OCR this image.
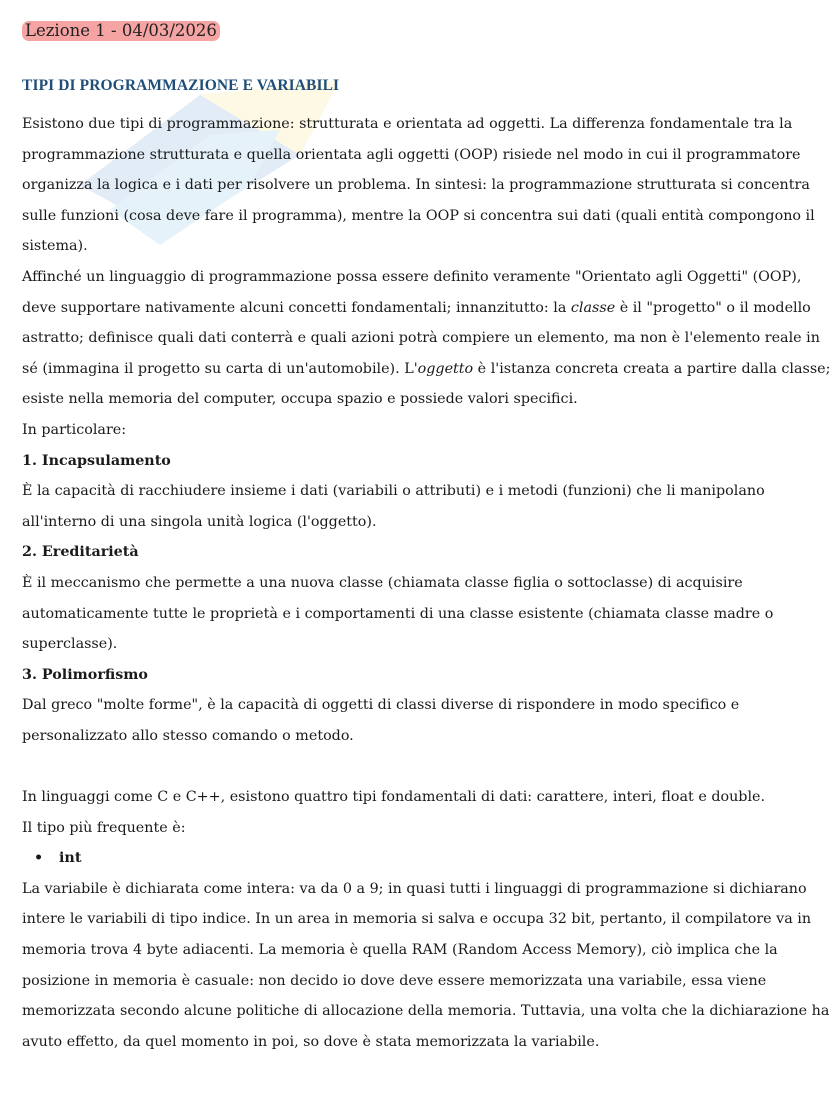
Lezione 1 - 04/03/2026
TIPI DI PROGRAMMAZIONE E VARIABILI
Esistono due tipi di programmazione: strutturata e orientata ad oggetti. La differenza fondamentale tra la
programmazione strutturata e quella orientata agli oggetti (OOP) risiede nel modo in cui il programmatore
organizza la logica e i dati per risolvere un problema. In sintesi: la programmazione strutturata si concentra
sulle funzioni (cosa deve fare il programma), mentre la OOP si concentra sui dati (quali entità compongono il
sistema).
Affinché un linguaggio di programmazione possa essere definito veramente "Orientato agli Oggetti" (OOP),
deve supportare nativamente alcuni concetti fondamentali; innanzitutto: la classe è il "progetto" o il modello
astratto; definisce quali dati conterrà e quali azioni potrà compiere un elemento, ma non è l'elemento reale in
sé (immagina il progetto su carta di un'automobile). L'oggetto è l'istanza concreta creata a partire dalla classe;
esiste nella memoria del computer, occupa spazio e possiede valori specifici.
In particolare:
1. Incapsulamento
È la capacità di racchiudere insieme i dati (variabili o attributi) e i metodi (funzioni) che li manipolano
all'interno di una singola unità logica (l'oggetto).
2. Ereditarietà
È il meccanismo che permette a una nuova classe (chiamata classe figlia o sottoclasse) di acquisire
automaticamente tutte le proprietà e i comportamenti di una classe esistente (chiamata classe madre o
superclasse).
3. Polimorfismo
Dal greco "molte forme", è la capacità di oggetti di classi diverse di rispondere in modo specifico e
personalizzato allo stesso comando o metodo.
In linguaggi come C e C++, esistono quattro tipi fondamentali di dati: carattere, interi, float e double.
Il tipo più frequente è:
• int
La variabile è dichiarata come intera: va da 0 a 9; in quasi tutti i linguaggi di programmazione si dichiarano
intere le variabili di tipo indice. In un area in memoria si salva e occupa 32 bit, pertanto, il compilatore va in
memoria trova 4 byte adiacenti. La memoria è quella RAM (Random Access Memory), ciò implica che la
posizione in memoria è casuale: non decido io dove deve essere memorizzata una variabile, essa viene
memorizzata secondo alcune politiche di allocazione della memoria. Tuttavia, una volta che la dichiarazione ha
avuto effetto, da quel momento in poi, so dove è stata memorizzata la variabile.
